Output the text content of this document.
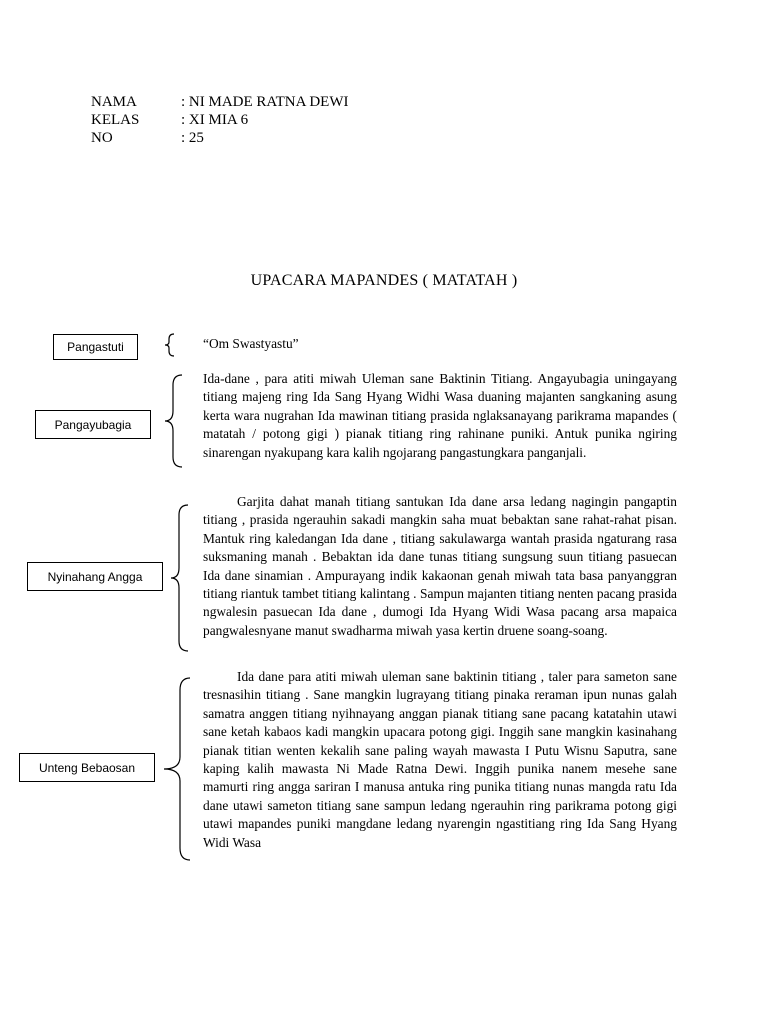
NAMA	: NI MADE RATNA DEWI
KELAS	: XI MIA 6
NO	: 25
UPACARA MAPANDES ( MATATAH )
Pangastuti	“Om Swastyastu”

Pangayubagia

Ida-dane , para atiti miwah Uleman sane Baktinin Titiang. Angayubagia uningayang titiang majeng ring Ida Sang Hyang Widhi Wasa duaning majanten sangkaning asung kerta wara nugrahan Ida mawinan titiang prasida nglaksanayang parikrama mapandes ( matatah / potong gigi ) pianak titiang ring rahinane puniki. Antuk punika ngiring sinarengan nyakupang kara kalih ngojarang pangastungkara panganjali.

Nyinahang Angga

Garjita dahat manah titiang santukan Ida dane arsa ledang nagingin pangaptin titiang , prasida ngerauhin sakadi mangkin saha muat bebaktan sane rahat-rahat pisan. Mantuk ring kaledangan Ida dane , titiang sakulawarga wantah prasida ngaturang rasa suksmaning manah . Bebaktan ida dane tunas titiang sungsung suun titiang pasuecan Ida dane sinamian . Ampurayang indik kakaonan genah miwah tata basa panyanggran titiang riantuk tambet titiang kalintang . Sampun majanten titiang nenten pacang prasida ngwalesin pasuecan Ida dane , dumogi Ida Hyang Widi Wasa pacang arsa mapaica pangwalesnyane manut swadharma miwah yasa kertin druene soang-soang.

Unteng Bebaosan

Ida dane para atiti miwah uleman sane baktinin titiang , taler para sameton sane tresnasihin titiang . Sane mangkin lugrayang titiang pinaka reraman ipun nunas galah samatra anggen titiang nyihnayang anggan pianak titiang sane pacang katatahin utawi sane ketah kabaos kadi mangkin upacara potong gigi. Inggih sane mangkin kasinahang pianak titian wenten kekalih sane paling wayah mawasta I Putu Wisnu Saputra, sane kaping kalih mawasta Ni Made Ratna Dewi. Inggih punika nanem mesehe sane mamurti ring angga sariran I manusa antuka ring punika titiang nunas mangda ratu Ida dane utawi sameton titiang sane sampun ledang ngerauhin ring parikrama potong gigi utawi mapandes puniki mangdane ledang nyarengin ngastitiang ring Ida Sang Hyang Widi Wasa
